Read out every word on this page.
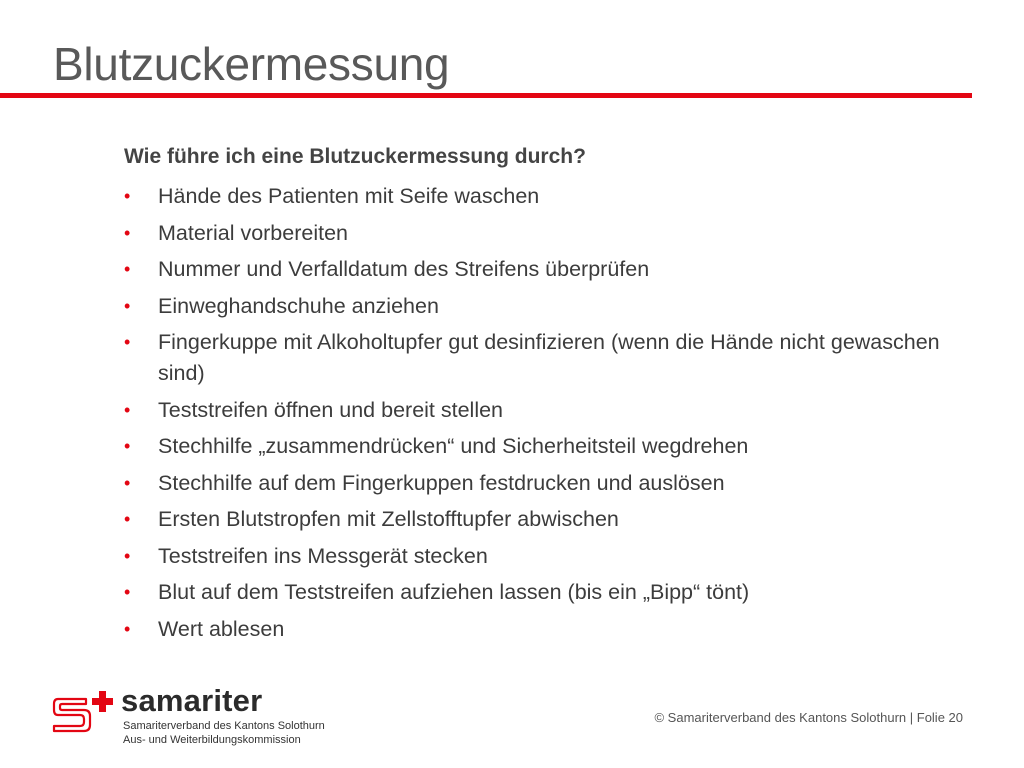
Blutzuckermessung

Wie führe ich eine Blutzuckermessung durch?

• Hände des Patienten mit Seife waschen
• Material vorbereiten
• Nummer und Verfalldatum des Streifens überprüfen
• Einweghandschuhe anziehen
• Fingerkuppe mit Alkoholtupfer gut desinfizieren (wenn die Hände nicht gewaschen sind)
• Teststreifen öffnen und bereit stellen
• Stechhilfe „zusammendrücken“ und Sicherheitsteil wegdrehen
• Stechhilfe auf dem Fingerkuppen festdrucken und auslösen
• Ersten Blutstropfen mit Zellstofftupfer abwischen
• Teststreifen ins Messgerät stecken
• Blut auf dem Teststreifen aufziehen lassen (bis ein „Bipp“ tönt)
• Wert ablesen
samariter
Samariterverband des Kantons Solothurn
Aus- und Weiterbildungskommission
© Samariterverband des Kantons Solothurn | Folie 20
